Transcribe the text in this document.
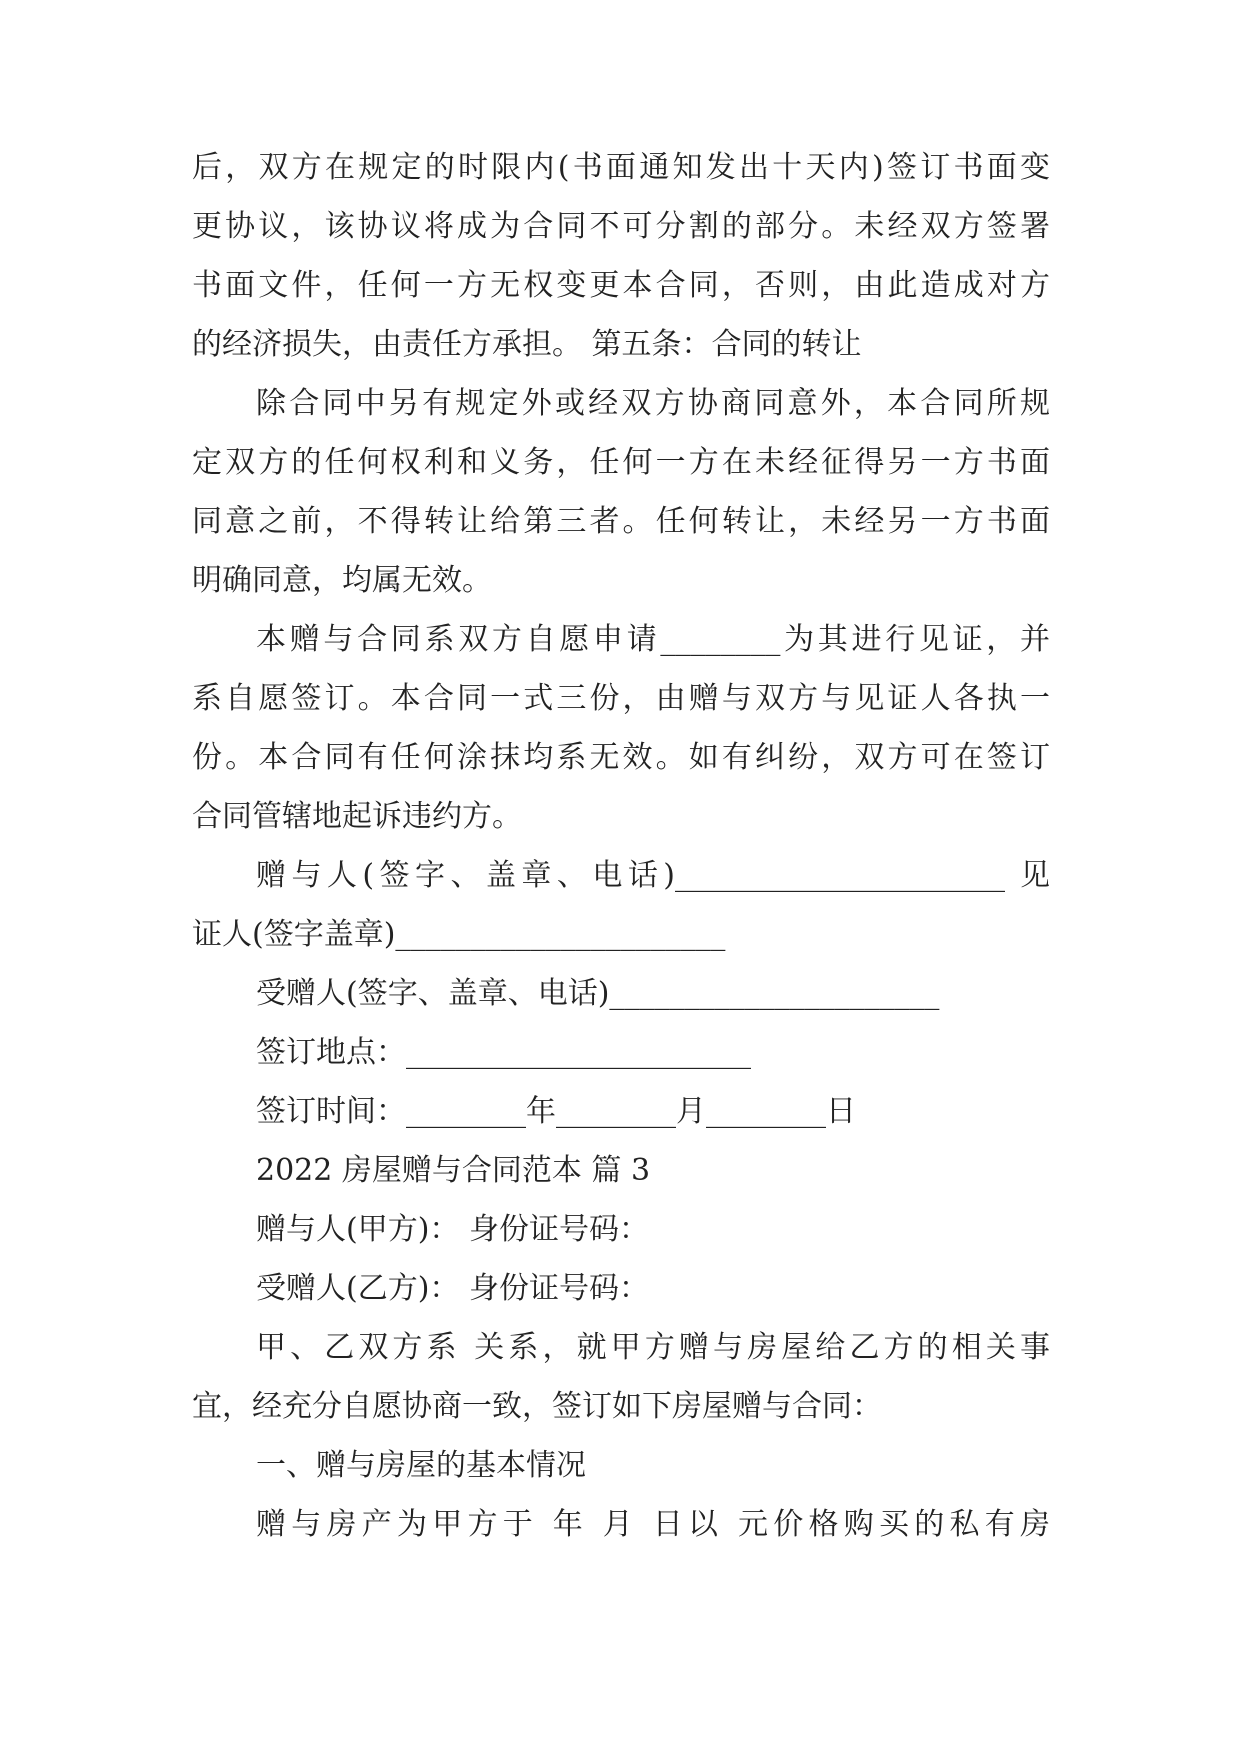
后，双方在规定的时限内(书面通知发出十天内)签订书面变
更协议，该协议将成为合同不可分割的部分。未经双方签署
书面文件，任何一方无权变更本合同，否则，由此造成对方
的经济损失，由责任方承担。 第五条：合同的转让
除合同中另有规定外或经双方协商同意外，本合同所规
定双方的任何权利和义务，任何一方在未经征得另一方书面
同意之前，不得转让给第三者。任何转让，未经另一方书面
明确同意，均属无效。
本赠与合同系双方自愿申请________为其进行见证，并
系自愿签订。本合同一式三份，由赠与双方与见证人各执一
份。本合同有任何涂抹均系无效。如有纠纷，双方可在签订
合同管辖地起诉违约方。
赠与人(签字、盖章、电话)______________________ 见
证人(签字盖章)______________________
受赠人(签字、盖章、电话)______________________
签订地点：_______________________
签订时间：________年________月________日
2022 房屋赠与合同范本 篇 3
赠与人(甲方)： 身份证号码：
受赠人(乙方)： 身份证号码：
甲、乙双方系 关系，就甲方赠与房屋给乙方的相关事
宜，经充分自愿协商一致，签订如下房屋赠与合同：
一、赠与房屋的基本情况
赠与房产为甲方于 年 月 日以 元价格购买的私有房
